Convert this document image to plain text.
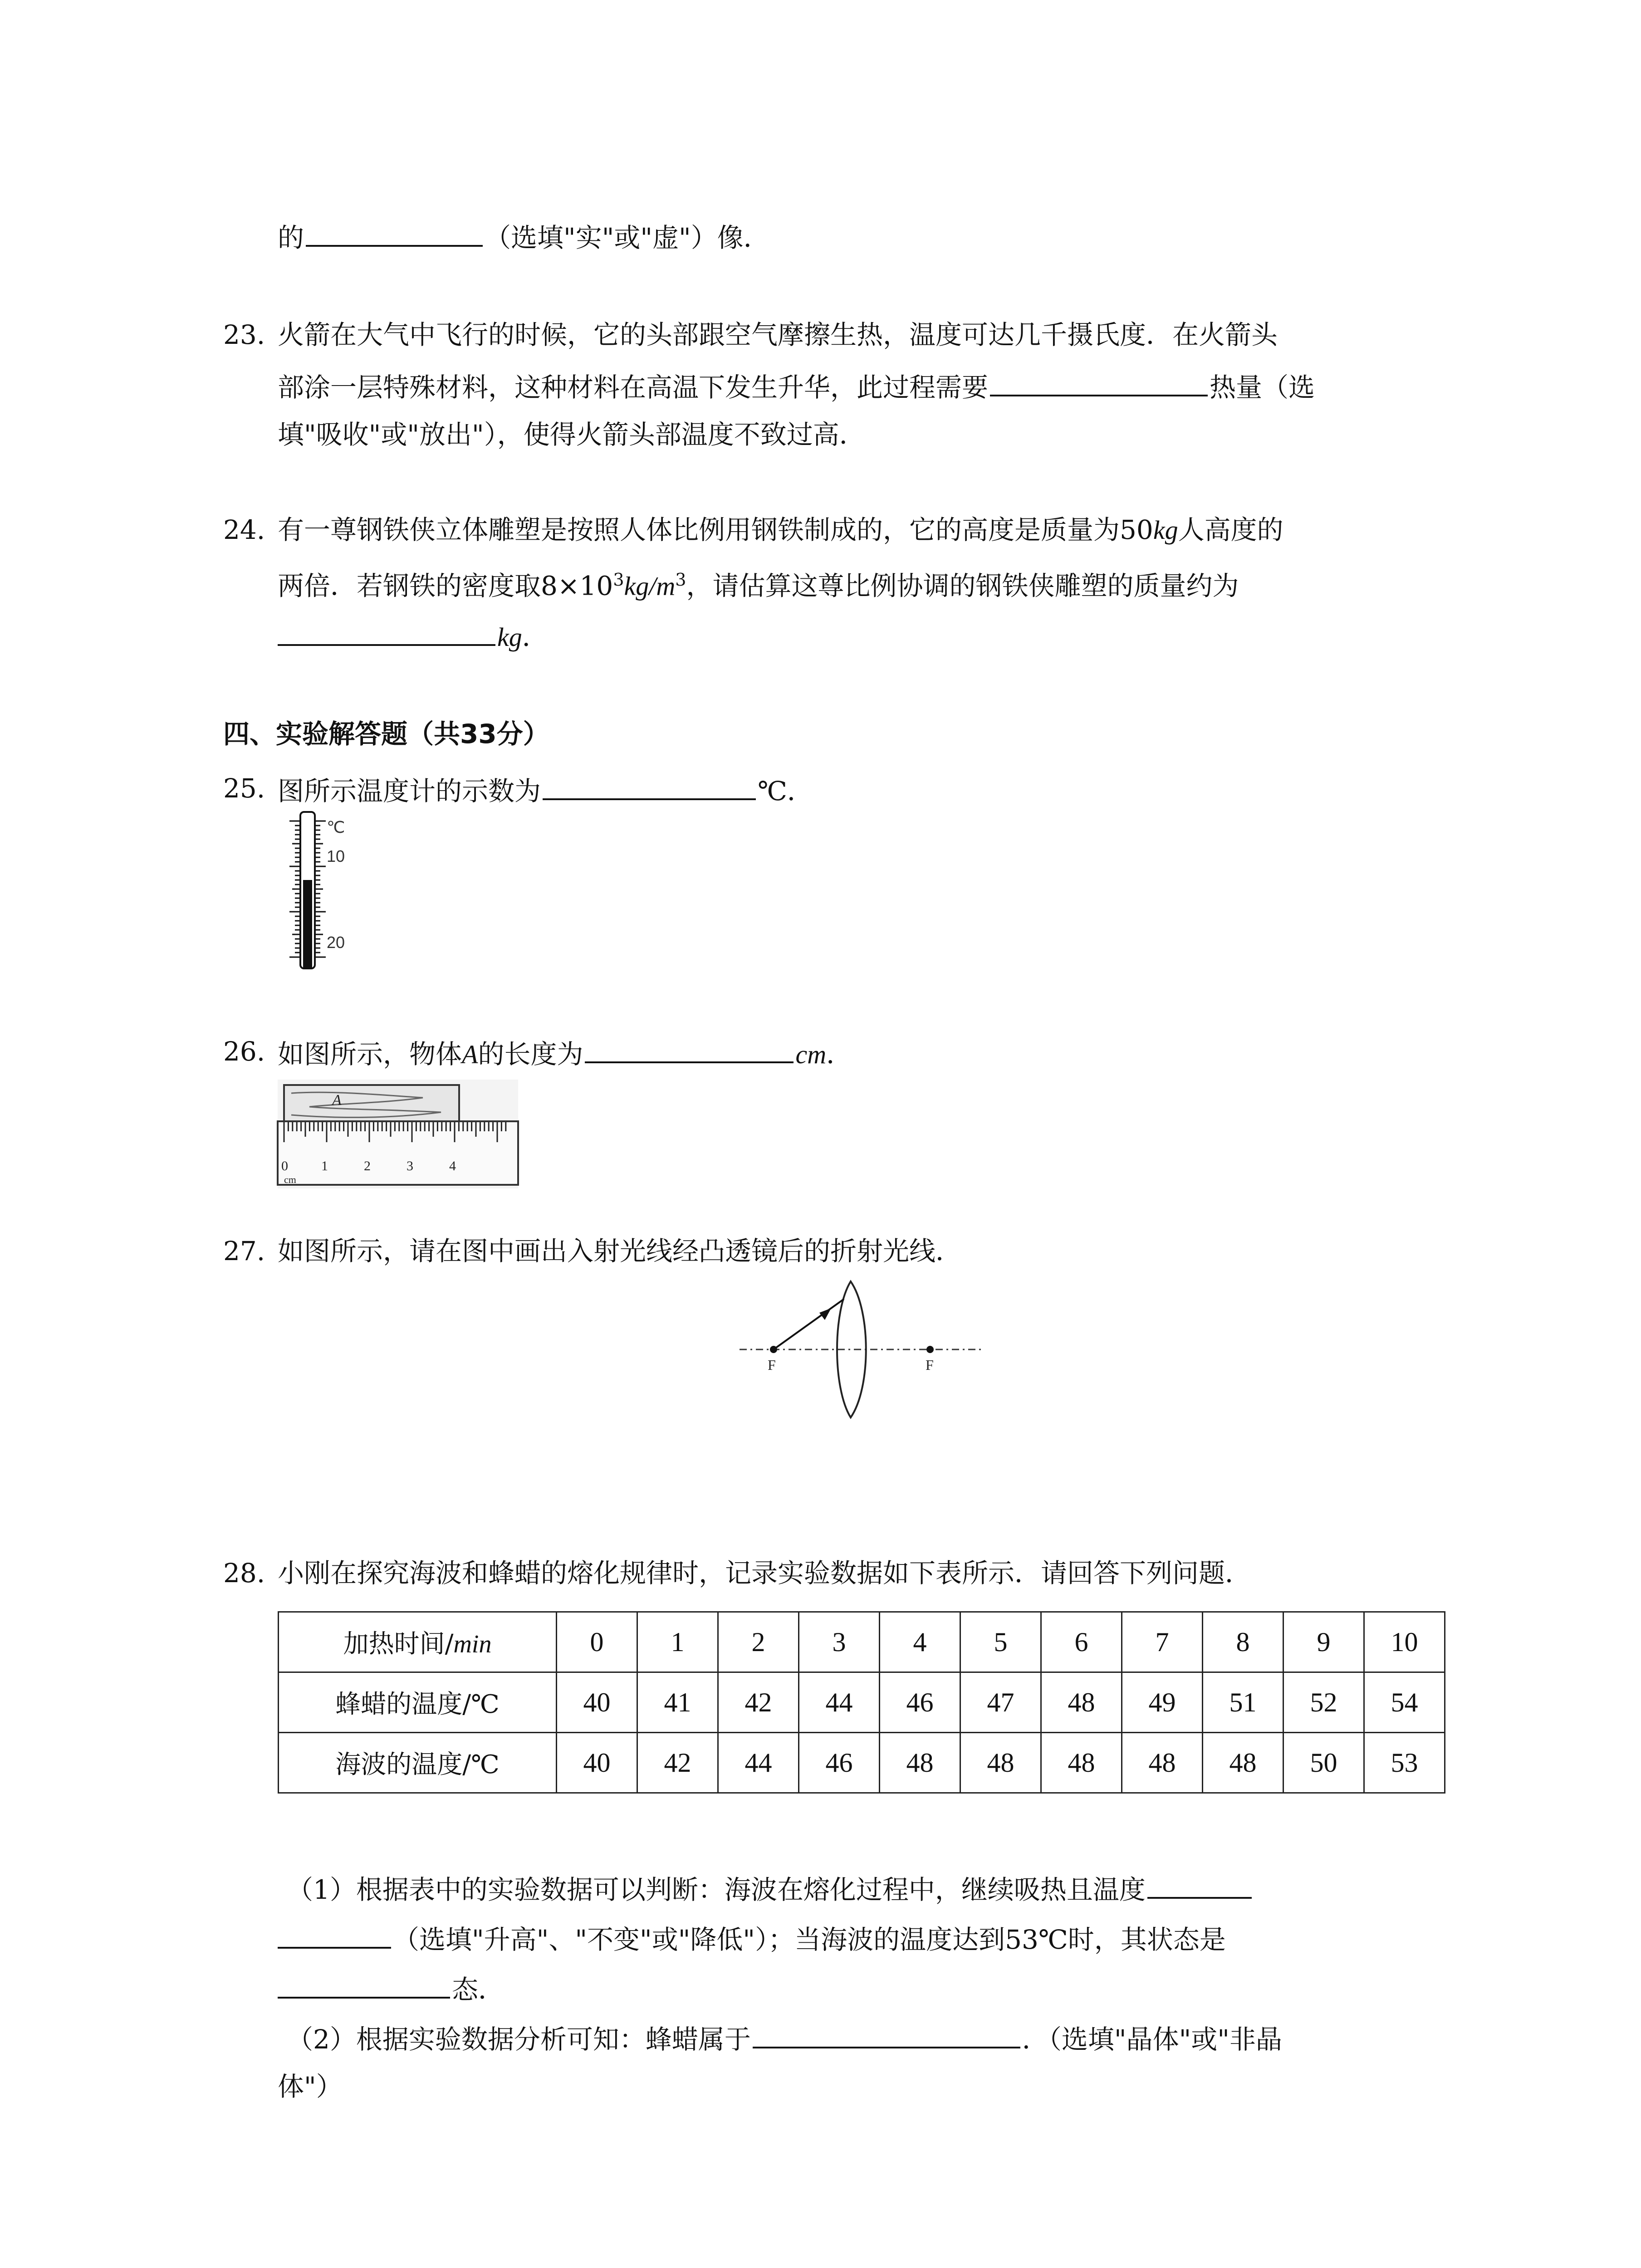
的	（选填"实"或"虚"）像．
23. 火箭在大气中飞行的时候，它的头部跟空气摩擦生热，温度可达几千摄氏度．在火箭头
部涂一层特殊材料，这种材料在高温下发生升华，此过程需要	热量（选
填"吸收"或"放出"），使得火箭头部温度不致过高．
24. 有一尊钢铁侠立体雕塑是按照人体比例用钢铁制成的，它的高度是质量为50kg人高度的
两倍．若钢铁的密度取$8\times 10^3kg/m^3$，请估算这尊比例协调的钢铁侠雕塑的质量约为
kg．
四、实验解答题（共33分）
25. 图所示温度计的示数为	℃．
℃
10
20
26. 如图所示，物体A的长度为	cm．
A
0 1	2	3	4
cm
27. 如图所示，请在图中画出入射光线经凸透镜后的折射光线．
F	F
28. 小刚在探究海波和蜂蜡的熔化规律时，记录实验数据如下表所示．请回答下列问题．
加热时间/min	0	1	2	3	4	5	6	7	8	9	10
蜂蜡的温度/℃	40	41	42	44	46	47	48	49	51	52	54
海波的温度/℃	40	42	44	46	48	48	48	48	48	50	53
（1）根据表中的实验数据可以判断：海波在熔化过程中，继续吸热且温度
（选填"升高"、"不变"或"降低"）；当海波的温度达到53℃时，其状态是
态．
（2）根据实验数据分析可知：蜂蜡属于	．（选填"晶体"或"非晶
体"）
